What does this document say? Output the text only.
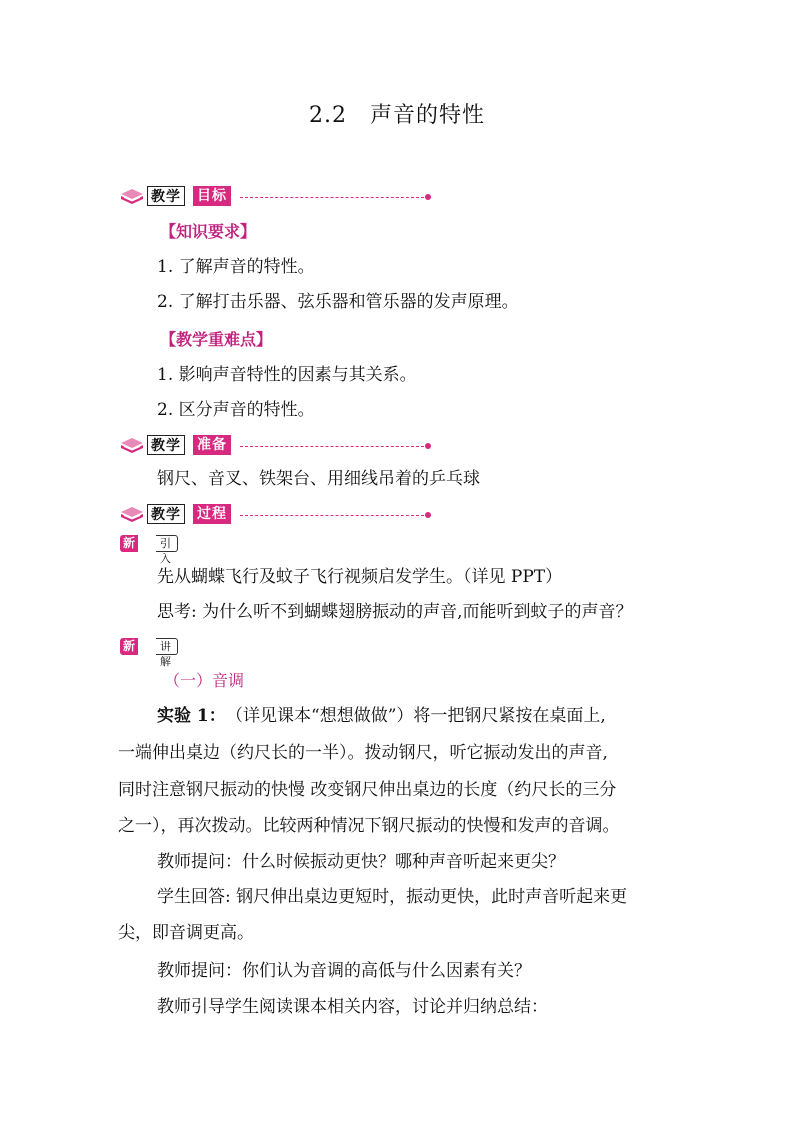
2.2　声音的特性
教学 目标
【知识要求】
1. 了解声音的特性。
2. 了解打击乐器、弦乐器和管乐器的发声原理。
【教学重难点】
1. 影响声音特性的因素与其关系。
2. 区分声音的特性。
教学 准备
钢尺、音叉、铁架台、用细线吊着的乒乓球
教学 过程
新课
引入
先从蝴蝶飞行及蚊子飞行视频启发学生。（详见 PPT）
思考: 为什么听不到蝴蝶翅膀振动的声音,而能听到蚊子的声音？
新课
讲解
（一）音调
实验 1： （详见课本“想想做做”）将一把钢尺紧按在桌面上,
一端伸出桌边（约尺长的一半）。拨动钢尺，听它振动发出的声音,
同时注意钢尺振动的快慢 改变钢尺伸出桌边的长度（约尺长的三分
之一），再次拨动。比较两种情况下钢尺振动的快慢和发声的音调。
教师提问：什么时候振动更快？哪种声音听起来更尖？
学生回答: 钢尺伸出桌边更短时，振动更快，此时声音听起来更
尖，即音调更高。
教师提问：你们认为音调的高低与什么因素有关？
教师引导学生阅读课本相关内容，讨论并归纳总结：
